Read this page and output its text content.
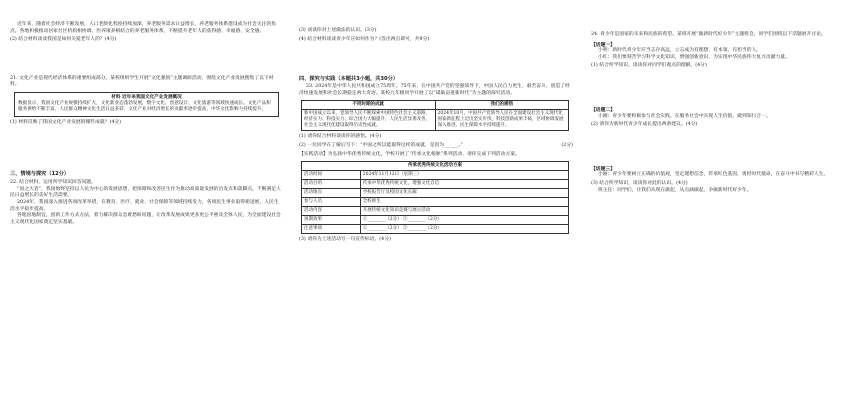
近年来，随着社会经济不断发展，人口老龄化程度持续加深，养老服务需求日益增长，养老服务体系建设成为社会关注的焦点。各地积极推动居家社区机构相协调、医养康养相结合的养老服务体系，不断提升老年人的获得感、幸福感、安全感。

(2) 结合材料谈谈我国是如何关爱老年人的？(4分)

21. 文化产业是现代经济体系的重要组成部分。某校组织学生开展“文化强国”主题调研活动，围绕文化产业发展搜集了以下材料。

材料 近年来我国文化产业发展概况
数据显示，我国文化产业规模持续扩大，文化新业态蓬勃发展，数字文化、创意设计、文化旅游等领域快速成长。文化产品和服务供给不断丰富，人民群众精神文化生活日益多彩，文化产业对经济增长的贡献率逐步提高，中华文化影响力持续提升。

(1) 材料反映了我国文化产业发展的哪些成就？(4分)

三、情境与探究（12分）

22. 结合材料，运用所学知识回答问题。

“国之大者”，我国始终坚持以人民为中心的发展思想，把保障和改善民生作为推动高质量发展的出发点和落脚点，不断满足人民日益增长的美好生活需要。

2024年，我国深入推进各项改革举措，在教育、医疗、就业、社会保障等领域持续发力，各项民生事业取得新进展，人民生活水平稳步提高。

各地因地制宜，创新工作方式方法，着力解决群众急难愁盼问题，让改革发展成果更多更公平惠及全体人民，为全面建设社会主义现代化国家奠定坚实基础。

(3) 谈谈你对上述做法的认识。(3分)

(4) 结合材料谈谈青少年应如何作为？(答出两点即可，共9分)

四、探究与实践（本题共3小题，共30分）

23. 2024年是中华人民共和国成立75周年。75年来，在中国共产党的坚强领导下，中国人民自力更生、艰苦奋斗，创造了经济快速发展和社会长期稳定两大奇迹。某校九年级同学开展了以“砥砺奋进新时代”为主题的探究活动。

不同时期的成就	我们的感悟
新中国成立以来，党领导人民不断探索中国特色社会主义道路，经济实力、科技实力、综合国力大幅提升，人民生活显著改善，社会主义现代化建设取得历史性成就。	2024年10月，中国共产党领导人民在全面建设社会主义现代化国家新征程上迈出坚实步伐，科技创新成果丰硕，区域协调发展深入推进，民生保障水平持续提升。

(1) 请你结合材料谈谈你的感悟。(4分)

(2) 一位同学在了解后写下：“中国之所以能取得这样的成就，是因为______。”	(2分)

【实践活动】为弘扬中华优秀传统文化，学校开展了“传承文化根脉”系列活动，请你完成下列活动方案。

传承优秀传统文化活动方案	
活动时间	2024年11月12日（星期三）
活动目的	传承中华优秀传统文化，增强文化自信
活动地点	学校报告厅及校园文化长廊
参与人员	全校师生
活动内容	开展传统文化知识竞赛与展示活动
预期效果	①________（2分） ②________（2分）
注意事项	①________（2分） ②________（2分）

(3) 请你为上述活动写一句宣传标语。(4分)

24. 青少年是国家的未来和民族的希望。某班开展“做新时代好少年”主题班会，同学们围绕以下话题展开讨论。

【话题一】

小明：新时代青少年应当志存高远，立志成为有理想、有本领、有担当的人。

小红：我们要刻苦学习科学文化知识，增强创新意识，为实现中华民族伟大复兴贡献力量。

(1) 结合所学知识，谈谈你对同学们观点的理解。(4分)

【话题二】

小刚：青少年要积极参与社会实践，在服务社会中实现人生价值，做到知行合一。

(2) 请你为新时代青少年成长提出两条建议。(4分)

【话题三】

小丽：青少年要树立正确的价值观，坚定理想信念，传承红色基因，勇担时代使命，在奋斗中书写精彩人生。

(3) 结合所学知识，谈谈你对此的认识。(4分)

班主任：同学们，让我们从现在做起，从点滴做起，争做新时代好少年。
